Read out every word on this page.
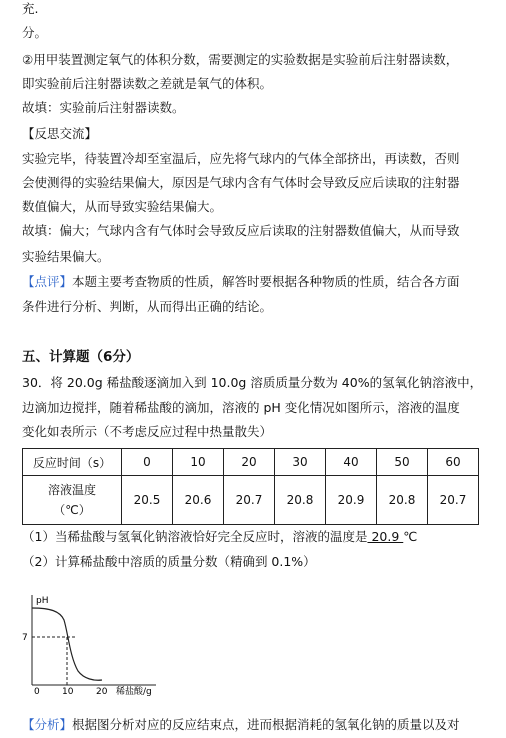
充.
分。
②用甲装置测定氧气的体积分数，需要测定的实验数据是实验前后注射器读数，
即实验前后注射器读数之差就是氧气的体积。
故填：实验前后注射器读数。
【反思交流】
实验完毕，待装置冷却至室温后，应先将气球内的气体全部挤出，再读数，否则
会使测得的实验结果偏大，原因是气球内含有气体时会导致反应后读取的注射器
数值偏大，从而导致实验结果偏大。
故填：偏大；气球内含有气体时会导致反应后读取的注射器数值偏大，从而导致
实验结果偏大。
【点评】本题主要考查物质的性质，解答时要根据各种物质的性质，结合各方面
条件进行分析、判断，从而得出正确的结论。
五、计算题（6分）
30．将 20.0g 稀盐酸逐滴加入到 10.0g 溶质质量分数为 40%的氢氧化钠溶液中，
边滴加边搅拌，随着稀盐酸的滴加，溶液的 pH 变化情况如图所示，溶液的温度
变化如表所示（不考虑反应过程中热量散失）
反应时间（s）	0	10	20	30	40	50	60
溶液温度
（℃）	20.5	20.6	20.7	20.8	20.9	20.8	20.7
（1）当稀盐酸与氢氧化钠溶液恰好完全反应时，溶液的温度是 20.9 ℃
（2）计算稀盐酸中溶质的质量分数（精确到 0.1%）
pH
7
0 10	20 稀盐酸/g
【分析】根据图分析对应的反应结束点，进而根据消耗的氢氧化钠的质量以及对
